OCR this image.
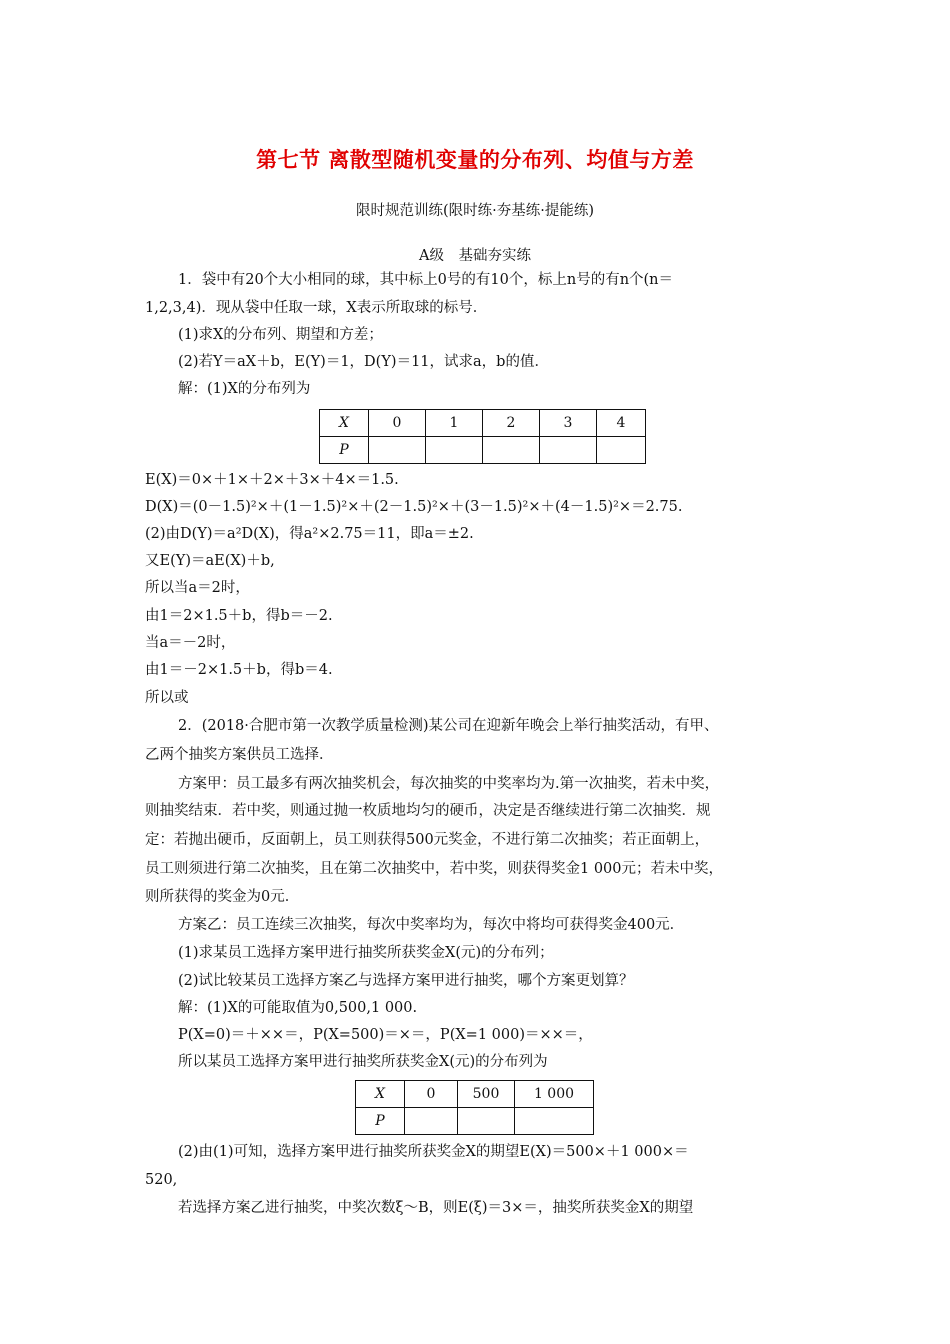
第七节 离散型随机变量的分布列、均值与方差
限时规范训练(限时练·夯基练·提能练)
A级　基础夯实练
1．袋中有20个大小相同的球，其中标上0号的有10个，标上n号的有n个(n＝
1,2,3,4)．现从袋中任取一球，X表示所取球的标号．
(1)求X的分布列、期望和方差；
(2)若Y＝aX＋b，E(Y)＝1，D(Y)＝11，试求a，b的值．
解：(1)X的分布列为
X	0	1	2	3	4
P					
E(X)＝0×＋1×＋2×＋3×＋4×＝1.5.
D(X)＝(0－1.5)²×＋(1－1.5)²×＋(2－1.5)²×＋(3－1.5)²×＋(4－1.5)²×＝2.75.
(2)由D(Y)＝a²D(X)，得a²×2.75＝11，即a＝±2.
又E(Y)＝aE(X)＋b,
所以当a＝2时，
由1＝2×1.5＋b，得b＝－2.
当a＝－2时，
由1＝－2×1.5＋b，得b＝4.
所以或
2．(2018·合肥市第一次教学质量检测)某公司在迎新年晚会上举行抽奖活动，有甲、
乙两个抽奖方案供员工选择．
方案甲：员工最多有两次抽奖机会，每次抽奖的中奖率均为.第一次抽奖，若未中奖，
则抽奖结束．若中奖，则通过抛一枚质地均匀的硬币，决定是否继续进行第二次抽奖．规
定：若抛出硬币，反面朝上，员工则获得500元奖金，不进行第二次抽奖；若正面朝上，
员工则须进行第二次抽奖，且在第二次抽奖中，若中奖，则获得奖金1 000元；若未中奖，
则所获得的奖金为0元．
方案乙：员工连续三次抽奖，每次中奖率均为，每次中将均可获得奖金400元．
(1)求某员工选择方案甲进行抽奖所获奖金X(元)的分布列；
(2)试比较某员工选择方案乙与选择方案甲进行抽奖，哪个方案更划算？
解：(1)X的可能取值为0,500,1 000.
P(X=0)＝＋××＝，P(X=500)＝×＝，P(X=1 000)＝××＝，
所以某员工选择方案甲进行抽奖所获奖金X(元)的分布列为
X	0	500	1 000
P			
(2)由(1)可知，选择方案甲进行抽奖所获奖金X的期望E(X)＝500×＋1 000×＝
520,
若选择方案乙进行抽奖，中奖次数ξ～B，则E(ξ)＝3×＝，抽奖所获奖金X的期望
